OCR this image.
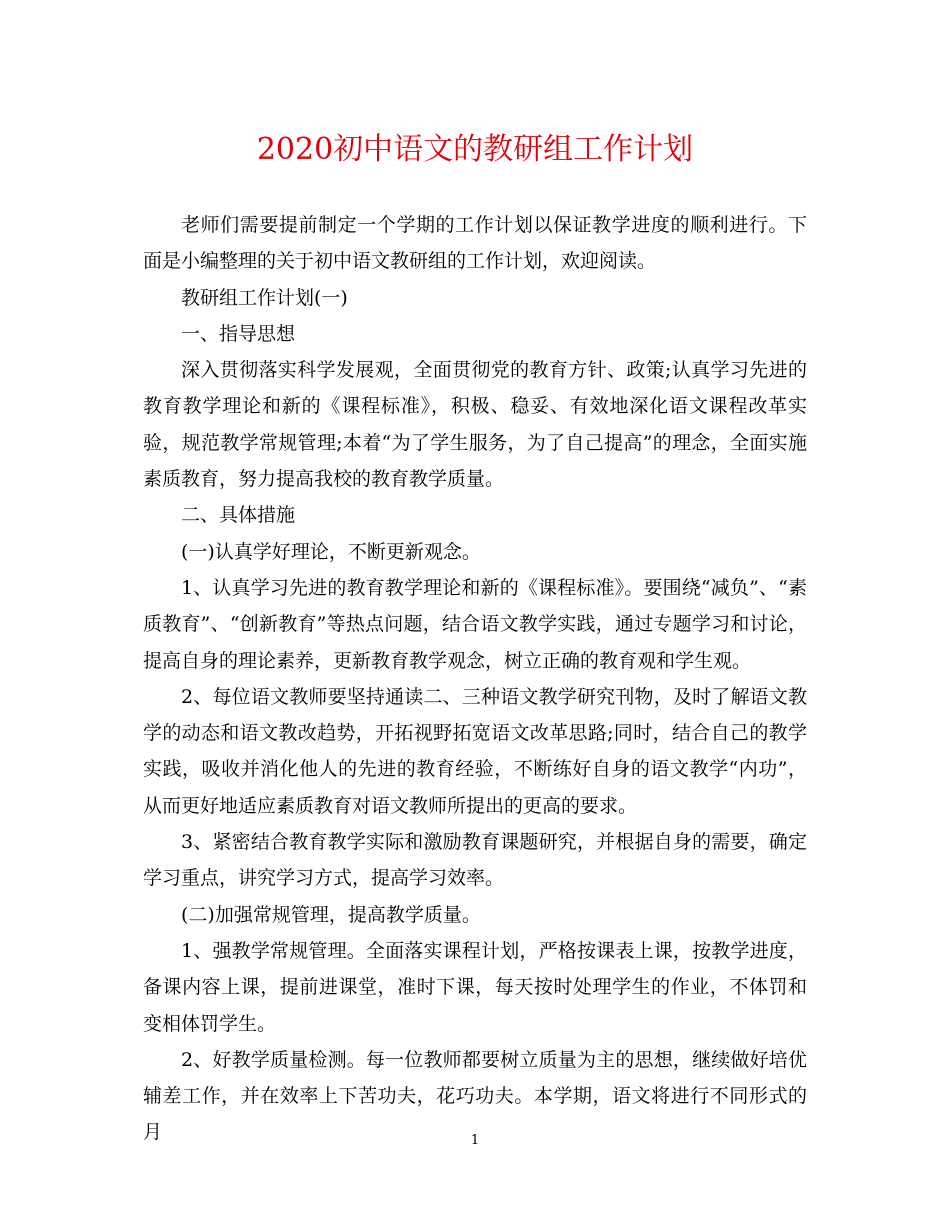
2020初中语文的教研组工作计划

老师们需要提前制定一个学期的工作计划以保证教学进度的顺利进行。下面是小编整理的关于初中语文教研组的工作计划，欢迎阅读。

教研组工作计划(一)

一、指导思想

深入贯彻落实科学发展观，全面贯彻党的教育方针、政策;认真学习先进的教育教学理论和新的《课程标准》，积极、稳妥、有效地深化语文课程改革实验，规范教学常规管理;本着“为了学生服务，为了自己提高”的理念，全面实施素质教育，努力提高我校的教育教学质量。

二、具体措施

(一)认真学好理论，不断更新观念。

1、认真学习先进的教育教学理论和新的《课程标准》。要围绕“减负”、“素质教育”、“创新教育”等热点问题，结合语文教学实践，通过专题学习和讨论，提高自身的理论素养，更新教育教学观念，树立正确的教育观和学生观。

2、每位语文教师要坚持通读二、三种语文教学研究刊物，及时了解语文教学的动态和语文教改趋势，开拓视野拓宽语文改革思路;同时，结合自己的教学实践，吸收并消化他人的先进的教育经验，不断练好自身的语文教学“内功”，从而更好地适应素质教育对语文教师所提出的更高的要求。

3、紧密结合教育教学实际和激励教育课题研究，并根据自身的需要，确定学习重点，讲究学习方式，提高学习效率。

(二)加强常规管理，提高教学质量。

1、强教学常规管理。全面落实课程计划，严格按课表上课，按教学进度，备课内容上课，提前进课堂，准时下课，每天按时处理学生的作业，不体罚和变相体罚学生。

2、好教学质量检测。每一位教师都要树立质量为主的思想，继续做好培优辅差工作，并在效率上下苦功夫，花巧功夫。本学期，语文将进行不同形式的月	1
